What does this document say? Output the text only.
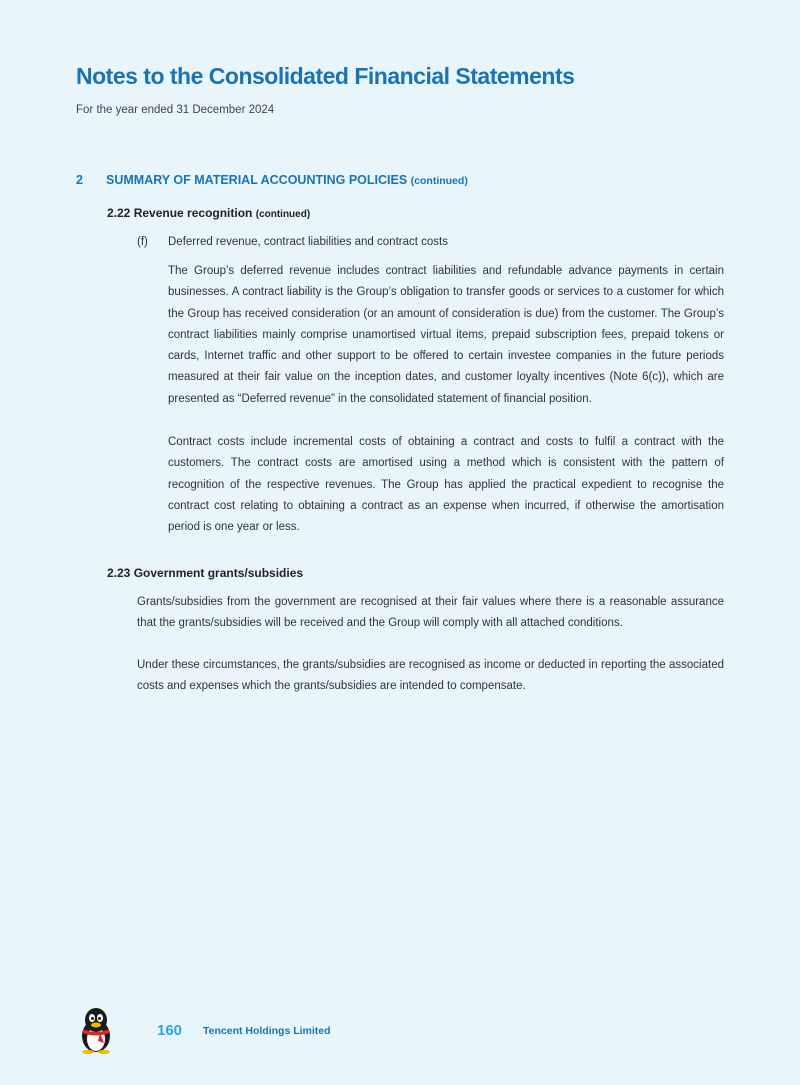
Notes to the Consolidated Financial Statements
For the year ended 31 December 2024
2 SUMMARY OF MATERIAL ACCOUNTING POLICIES (continued)
2.22 Revenue recognition (continued)
(f) Deferred revenue, contract liabilities and contract costs

The Group’s deferred revenue includes contract liabilities and refundable advance payments in certain businesses. A contract liability is the Group’s obligation to transfer goods or services to a customer for which the Group has received consideration (or an amount of consideration is due) from the customer. The Group’s contract liabilities mainly comprise unamortised virtual items, prepaid subscription fees, prepaid tokens or cards, Internet traffic and other support to be offered to certain investee companies in the future periods measured at their fair value on the inception dates, and customer loyalty incentives (Note 6(c)), which are presented as “Deferred revenue” in the consolidated statement of financial position.

Contract costs include incremental costs of obtaining a contract and costs to fulfil a contract with the customers. The contract costs are amortised using a method which is consistent with the pattern of recognition of the respective revenues. The Group has applied the practical expedient to recognise the contract cost relating to obtaining a contract as an expense when incurred, if otherwise the amortisation period is one year or less.

2.23 Government grants/subsidies

Grants/subsidies from the government are recognised at their fair values where there is a reasonable assurance that the grants/subsidies will be received and the Group will comply with all attached conditions.

Under these circumstances, the grants/subsidies are recognised as income or deducted in reporting the associated costs and expenses which the grants/subsidies are intended to compensate.

160 Tencent Holdings Limited
